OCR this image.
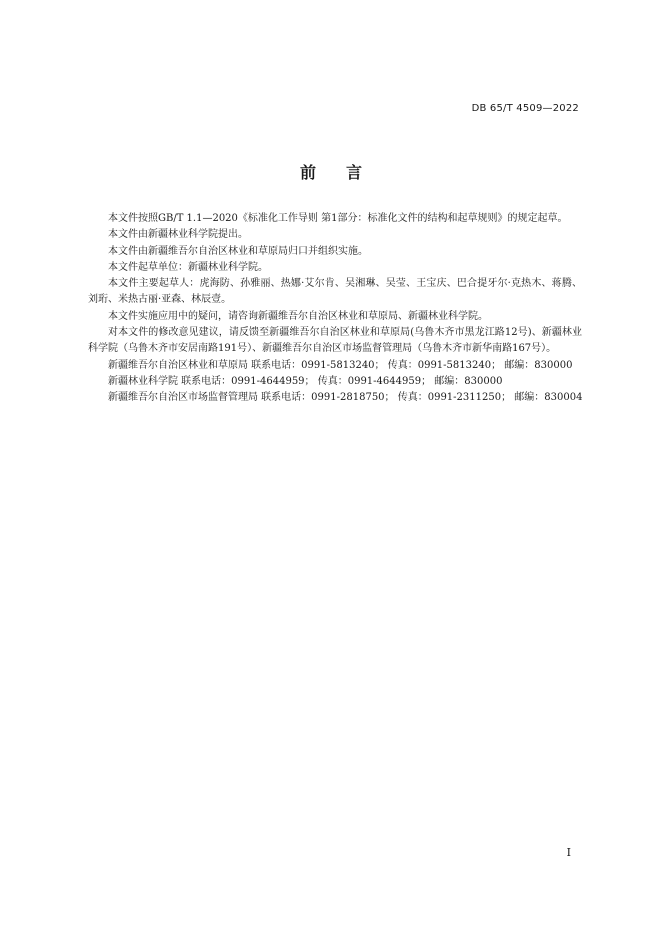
DB 65/T 4509—2022
前言

本文件按照GB/T 1.1—2020《标准化工作导则 第1部分：标准化文件的结构和起草规则》的规定起草。

本文件由新疆林业科学院提出。

本文件由新疆维吾尔自治区林业和草原局归口并组织实施。

本文件起草单位：新疆林业科学院。

本文件主要起草人：虎海防、孙雅丽、热娜·艾尔肯、吴湘琳、吴莹、王宝庆、巴合提牙尔·克热木、蒋腾、刘珩、米热古丽·亚森、林辰壹。

本文件实施应用中的疑问，请咨询新疆维吾尔自治区林业和草原局、新疆林业科学院。

对本文件的修改意见建议，请反馈至新疆维吾尔自治区林业和草原局(乌鲁木齐市黑龙江路12号)、新疆林业科学院（乌鲁木齐市安居南路191号）、新疆维吾尔自治区市场监督管理局（乌鲁木齐市新华南路167号）。

新疆维吾尔自治区林业和草原局 联系电话：0991-5813240； 传真：0991-5813240； 邮编：830000

新疆林业科学院 联系电话：0991-4644959； 传真：0991-4644959； 邮编：830000

新疆维吾尔自治区市场监督管理局 联系电话：0991-2818750； 传真：0991-2311250； 邮编：830004

I
